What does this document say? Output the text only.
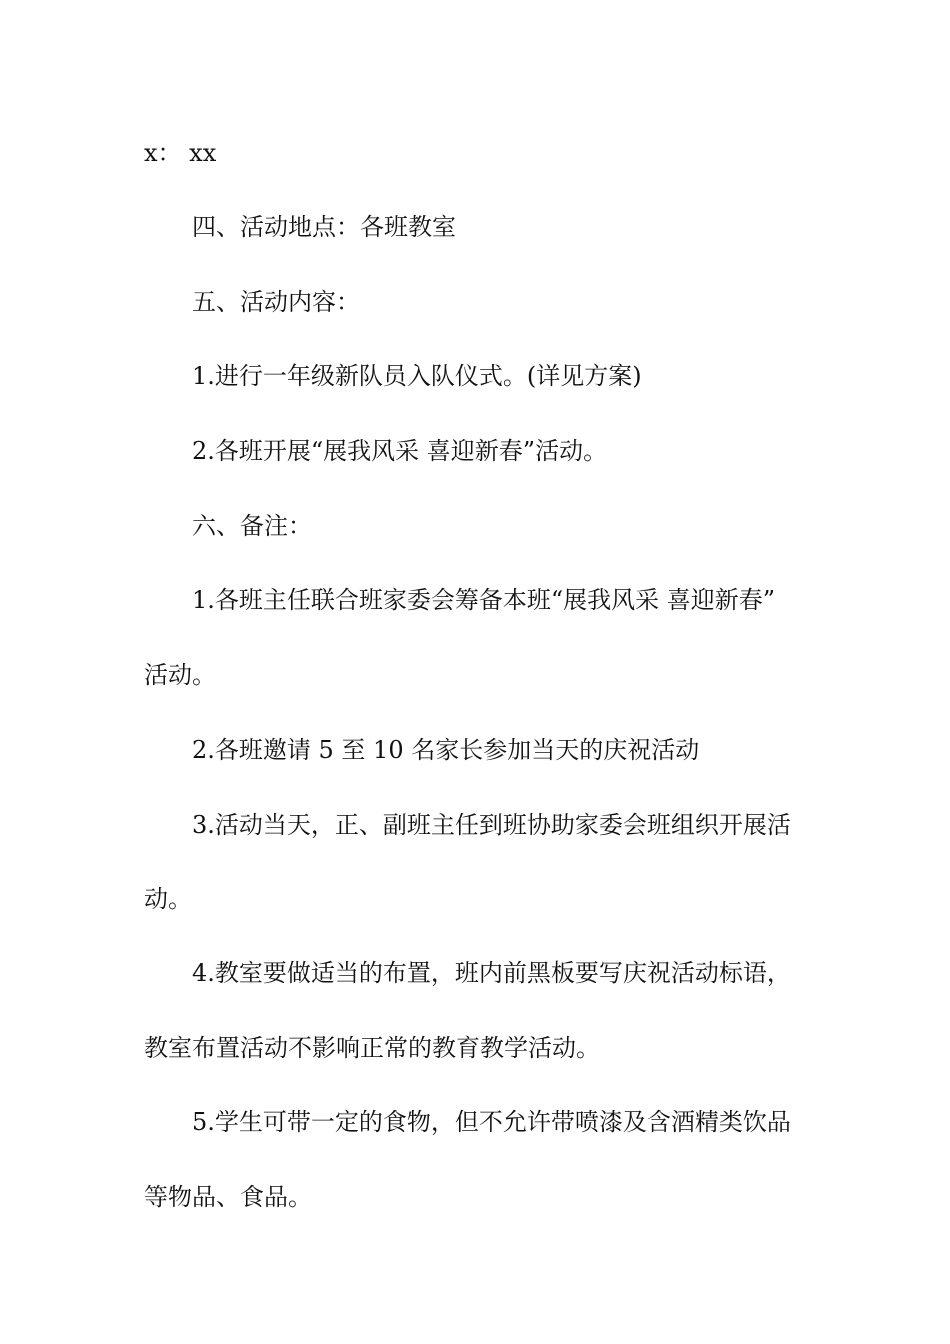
x： xx
四、活动地点：各班教室
五、活动内容：
1.进行一年级新队员入队仪式。(详见方案)
2.各班开展“展我风采 喜迎新春”活动。
六、备注：
1.各班主任联合班家委会筹备本班“展我风采 喜迎新春”
活动。
2.各班邀请 5 至 10 名家长参加当天的庆祝活动
3.活动当天，正、副班主任到班协助家委会班组织开展活
动。
4.教室要做适当的布置，班内前黑板要写庆祝活动标语，
教室布置活动不影响正常的教育教学活动。
5.学生可带一定的食物，但不允许带喷漆及含酒精类饮品
等物品、食品。
